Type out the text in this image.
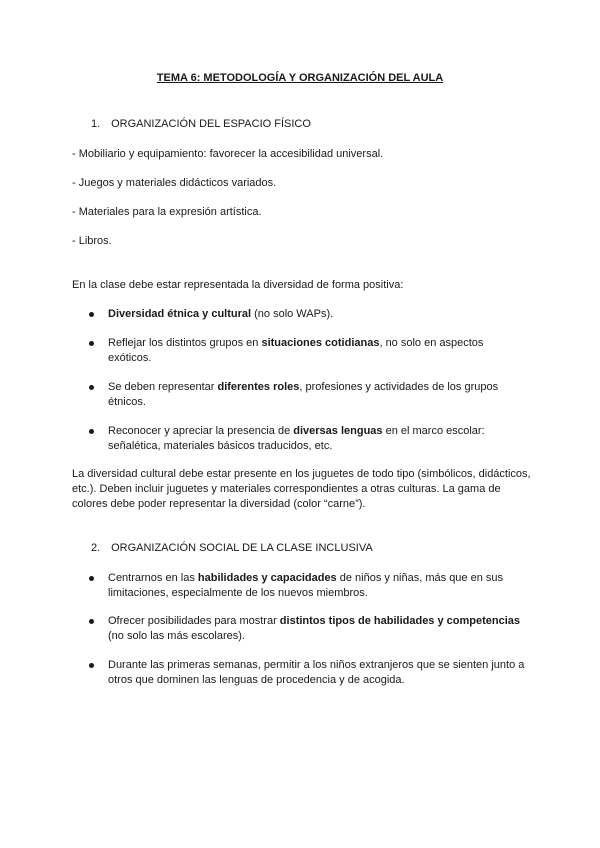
TEMA 6: METODOLOGÍA Y ORGANIZACIÓN DEL AULA
1. ORGANIZACIÓN DEL ESPACIO FÍSICO
- Mobiliario y equipamiento: favorecer la accesibilidad universal.
- Juegos y materiales didácticos variados.
- Materiales para la expresión artística.
- Libros.
En la clase debe estar representada la diversidad de forma positiva:
Diversidad étnica y cultural (no solo WAPs).
Reflejar los distintos grupos en situaciones cotidianas, no solo en aspectos exóticos.
Se deben representar diferentes roles, profesiones y actividades de los grupos étnicos.
Reconocer y apreciar la presencia de diversas lenguas en el marco escolar: señalética, materiales básicos traducidos, etc.
La diversidad cultural debe estar presente en los juguetes de todo tipo (simbólicos, didácticos, etc.). Deben incluir juguetes y materiales correspondientes a otras culturas. La gama de colores debe poder representar la diversidad (color “carne”).
2. ORGANIZACIÓN SOCIAL DE LA CLASE INCLUSIVA
Centrarnos en las habilidades y capacidades de niños y niñas, más que en sus limitaciones, especialmente de los nuevos miembros.
Ofrecer posibilidades para mostrar distintos tipos de habilidades y competencias (no solo las más escolares).
Durante las primeras semanas, permitir a los niños extranjeros que se sienten junto a otros que dominen las lenguas de procedencia y de acogida.
